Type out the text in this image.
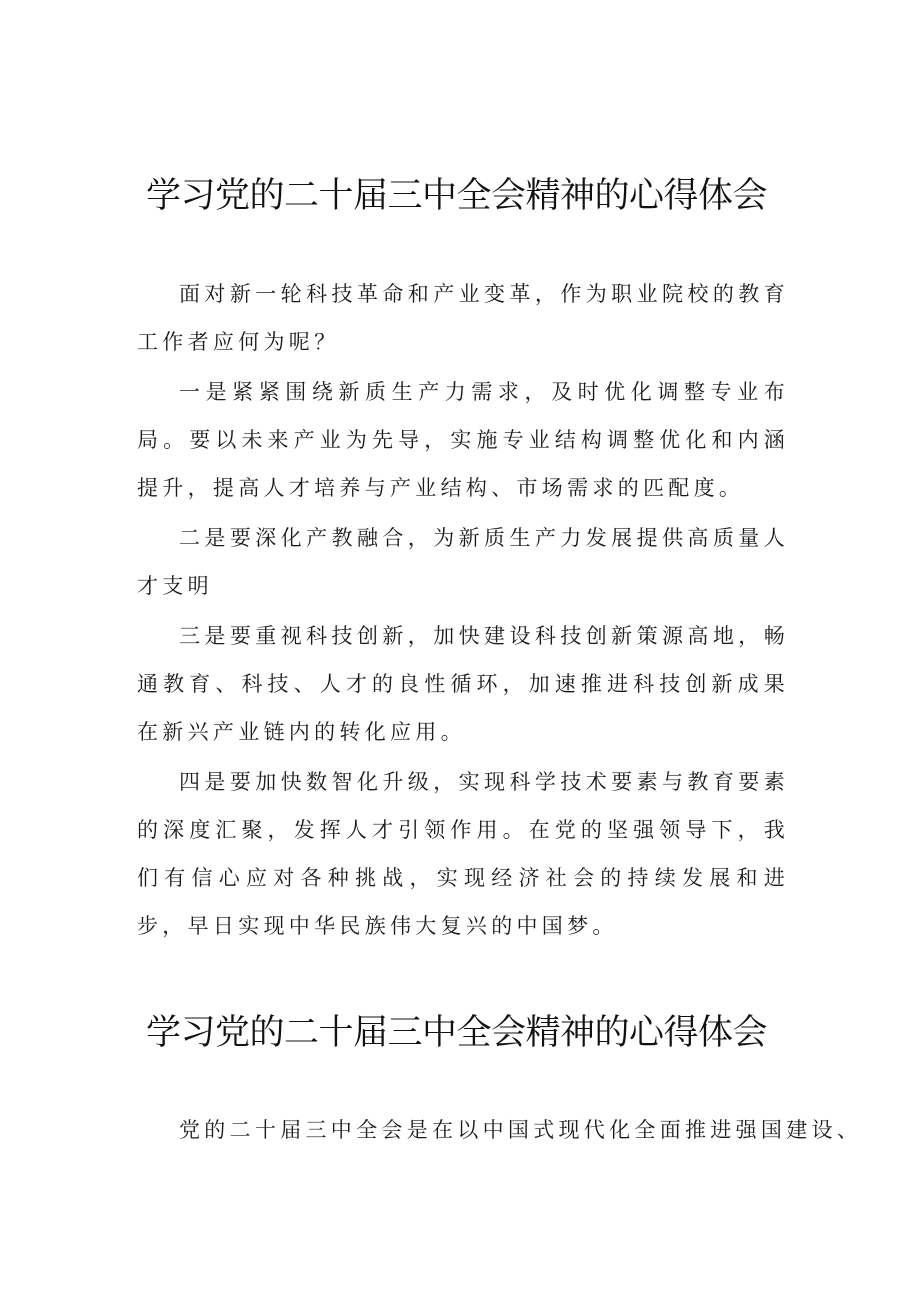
学习党的二十届三中全会精神的心得体会

面对新一轮科技革命和产业变革，作为职业院校的教育工作者应何为呢？

一是紧紧围绕新质生产力需求，及时优化调整专业布局。要以未来产业为先导，实施专业结构调整优化和内涵提升，提高人才培养与产业结构、市场需求的匹配度。

二是要深化产教融合，为新质生产力发展提供高质量人才支明

三是要重视科技创新，加快建设科技创新策源高地，畅通教育、科技、人才的良性循环，加速推进科技创新成果在新兴产业链内的转化应用。

四是要加快数智化升级，实现科学技术要素与教育要素的深度汇聚，发挥人才引领作用。在党的坚强领导下，我们有信心应对各种挑战，实现经济社会的持续发展和进步，早日实现中华民族伟大复兴的中国梦。

学习党的二十届三中全会精神的心得体会

党的二十届三中全会是在以中国式现代化全面推进强国建设、
